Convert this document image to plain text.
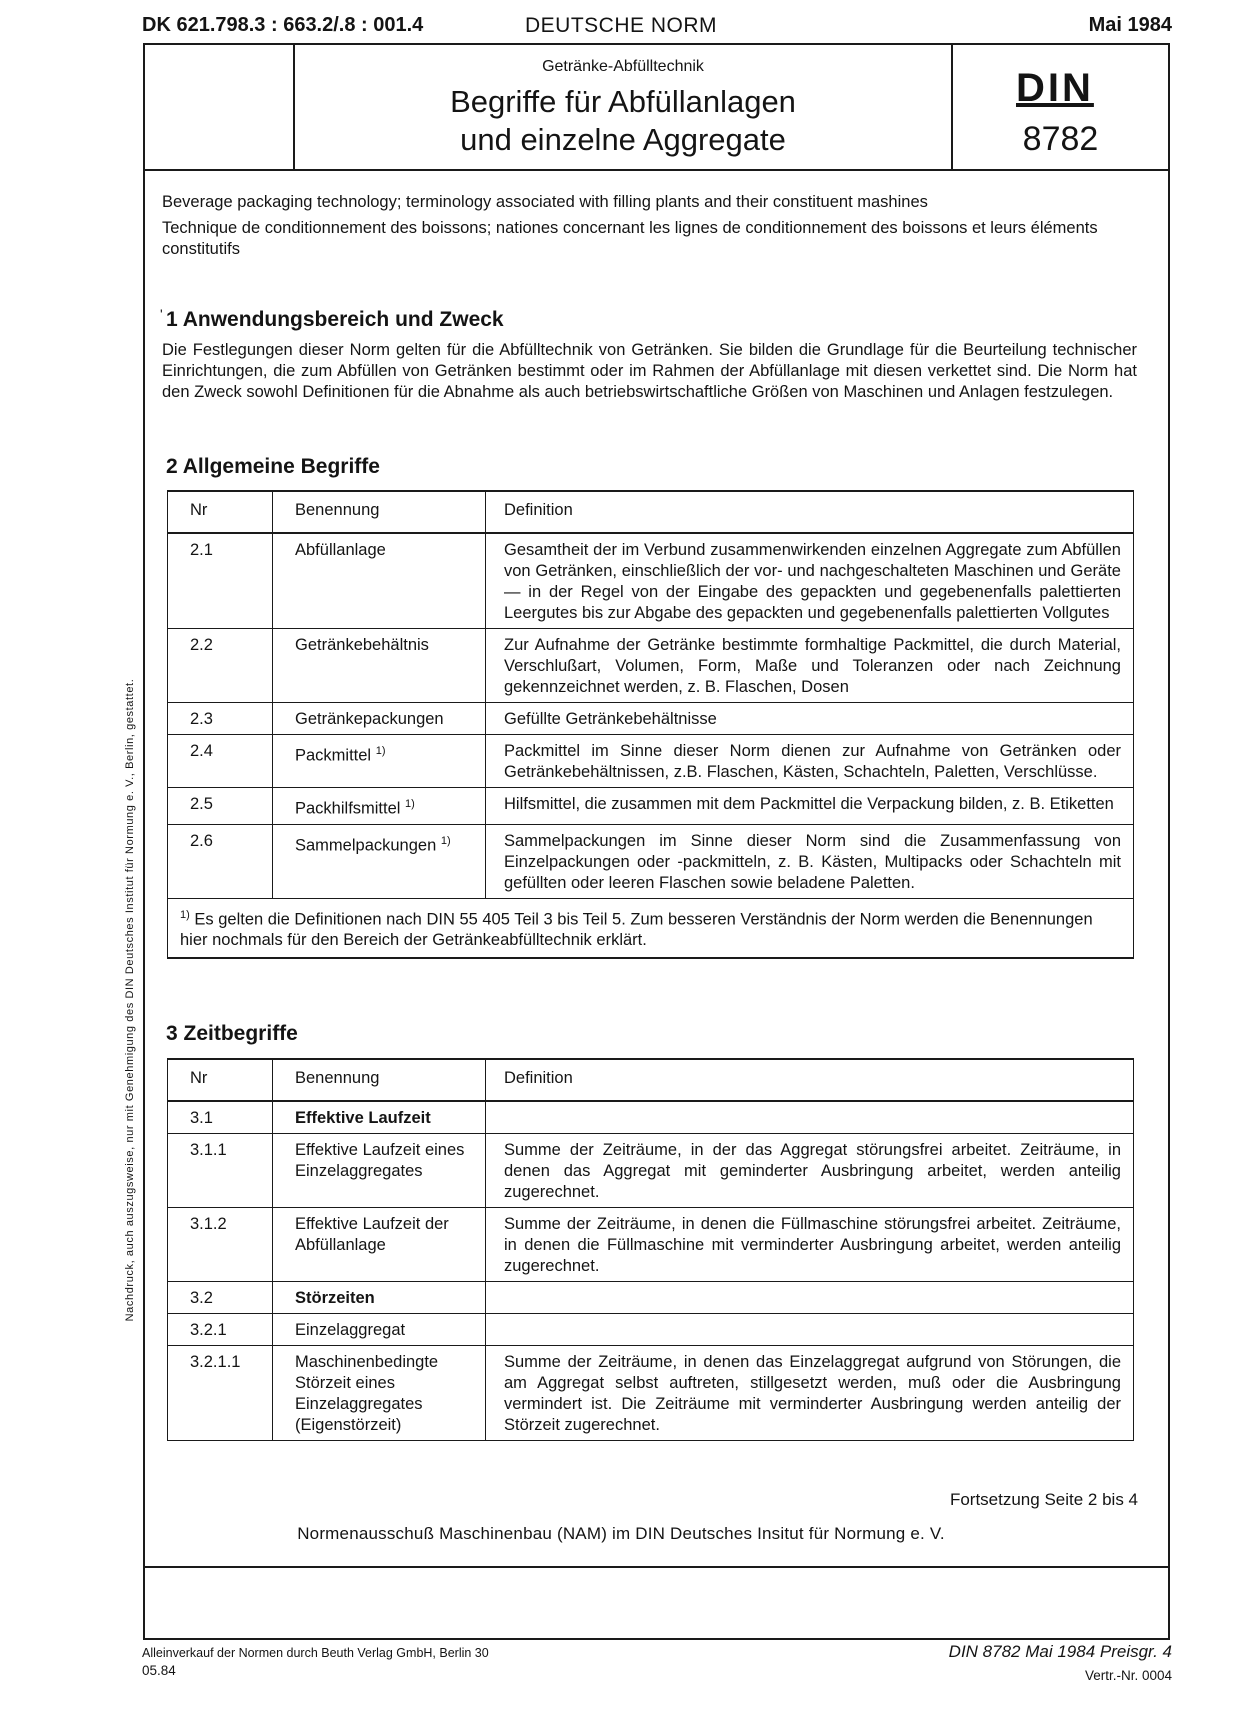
DK 621.798.3 : 663.2/.8 : 001.4	DEUTSCHE NORM	Mai 1984
Getränke-Abfülltechnik
Begriffe für Abfüllanlagen
und einzelne Aggregate
DIN
8782
Beverage packaging technology; terminology associated with filling plants and their constituent mashines
Technique de conditionnement des boissons; nationes concernant les lignes de conditionnement des boissons et leurs éléments constitutifs
' 1 Anwendungsbereich und Zweck
Die Festlegungen dieser Norm gelten für die Abfülltechnik von Getränken. Sie bilden die Grundlage für die Beurteilung technischer Einrichtungen, die zum Abfüllen von Getränken bestimmt oder im Rahmen der Abfüllanlage mit diesen verkettet sind. Die Norm hat den Zweck sowohl Definitionen für die Abnahme als auch betriebswirtschaftliche Größen von Maschinen und Anlagen festzulegen.
2 Allgemeine Begriffe
Nr	Benennung	Definition
2.1	Abfüllanlage	Gesamtheit der im Verbund zusammenwirkenden einzelnen Aggregate zum Abfüllen von Getränken, einschließlich der vor- und nachgeschalteten Maschinen und Geräte — in der Regel von der Eingabe des gepackten und gegebenenfalls palettierten Leergutes bis zur Abgabe des gepackten und gegebenenfalls palettierten Vollgutes
2.2	Getränkebehältnis	Zur Aufnahme der Getränke bestimmte formhaltige Packmittel, die durch Material, Verschlußart, Volumen, Form, Maße und Toleranzen oder nach Zeichnung gekennzeichnet werden, z. B. Flaschen, Dosen
2.3	Getränkepackungen	Gefüllte Getränkebehältnisse
2.4	Packmittel $^{1)}$	Packmittel im Sinne dieser Norm dienen zur Aufnahme von Getränken oder Getränkebehältnissen, z.B. Flaschen, Kästen, Schachteln, Paletten, Verschlüsse.
2.5	Packhilfsmittel $^{1)}$	Hilfsmittel, die zusammen mit dem Packmittel die Verpackung bilden, z. B. Etiketten
2.6	Sammelpackungen $^{1)}$	Sammelpackungen im Sinne dieser Norm sind die Zusammenfassung von Einzelpackungen oder -packmitteln, z. B. Kästen, Multipacks oder Schachteln mit gefüllten oder leeren Flaschen sowie beladene Paletten.
$^{1)}$ Es gelten die Definitionen nach DIN 55 405 Teil 3 bis Teil 5. Zum besseren Verständnis der Norm werden die Benennungen hier nochmals für den Bereich der Getränkeabfülltechnik erklärt.		
3 Zeitbegriffe
Nr	Benennung	Definition
3.1	Effektive Laufzeit	
3.1.1	Effektive Laufzeit eines Einzelaggregates	Summe der Zeiträume, in der das Aggregat störungsfrei arbeitet. Zeiträume, in denen das Aggregat mit geminderter Ausbringung arbeitet, werden anteilig zugerechnet.
3.1.2	Effektive Laufzeit der Abfüllanlage	Summe der Zeiträume, in denen die Füllmaschine störungsfrei arbeitet. Zeiträume, in denen die Füllmaschine mit verminderter Ausbringung arbeitet, werden anteilig zugerechnet.
3.2	Störzeiten	
3.2.1	Einzelaggregat	
3.2.1.1	Maschinenbedingte Störzeit eines Einzelaggregates (Eigenstörzeit)	Summe der Zeiträume, in denen das Einzelaggregat aufgrund von Störungen, die am Aggregat selbst auftreten, stillgesetzt werden, muß oder die Ausbringung vermindert ist. Die Zeiträume mit verminderter Ausbringung werden anteilig der Störzeit zugerechnet.
Fortsetzung Seite 2 bis 4
Normenausschuß Maschinenbau (NAM) im DIN Deutsches Insitut für Normung e. V.
Alleinverkauf der Normen durch Beuth Verlag GmbH, Berlin 30
05.84
DIN 8782 Mai 1984 Preisgr. 4
Vertr.-Nr. 0004
Nachdruck, auch auszugsweise, nur mit Genehmigung des DIN Deutsches Institut für Normung e. V., Berlin, gestattet.
